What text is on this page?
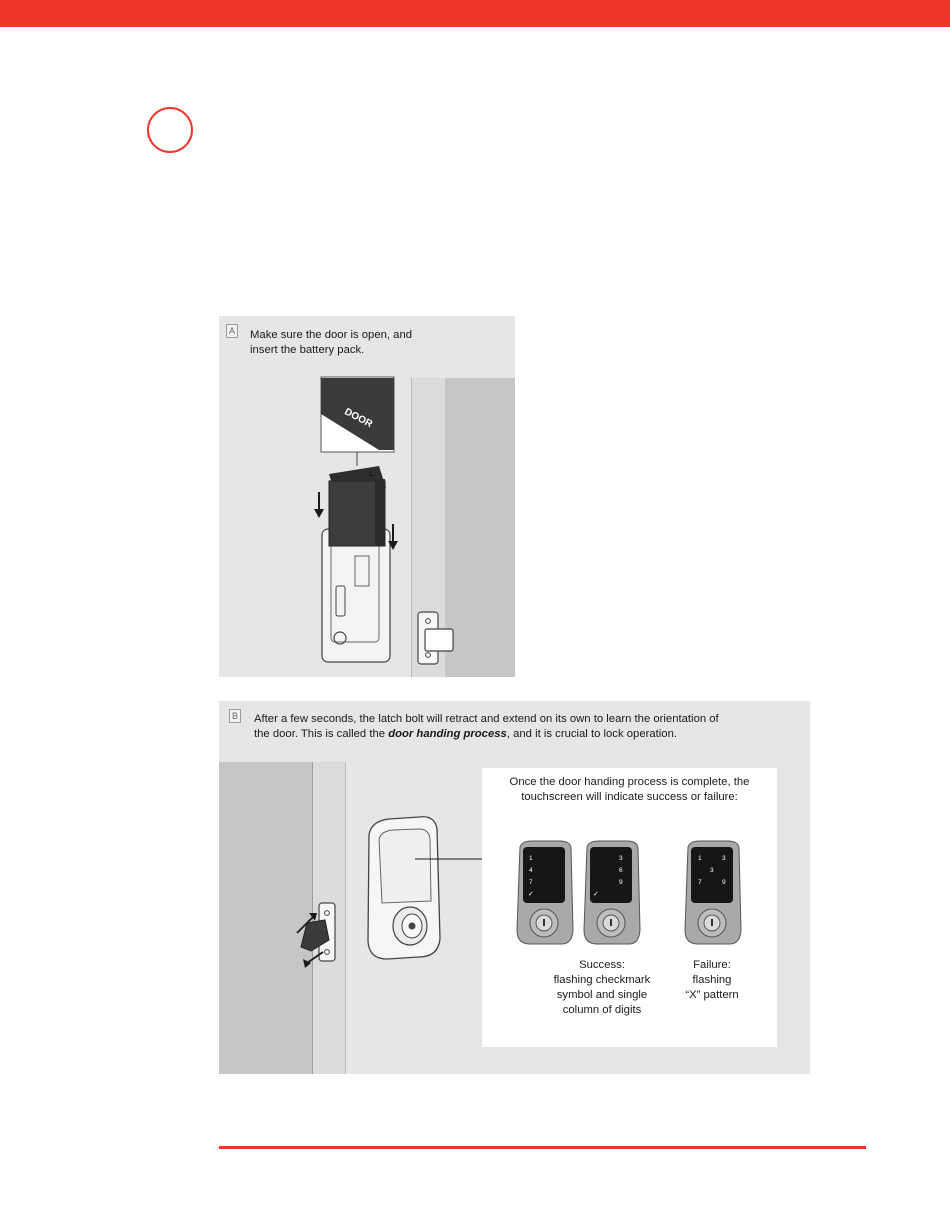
A Make sure the door is open, and
insert the battery pack.
DOOR
L
B After a few seconds, the latch bolt will retract and extend on its own to learn the orientation of
the door. This is called the door handing process, and it is crucial to lock operation.
Once the door handing process is complete, the
touchscreen will indicate success or failure:
1
4
7
✓
3
6
9
✓
1	3
3
7	9
Success:
flashing checkmark
symbol and single
column of digits
Failure:
flashing
“X” pattern
